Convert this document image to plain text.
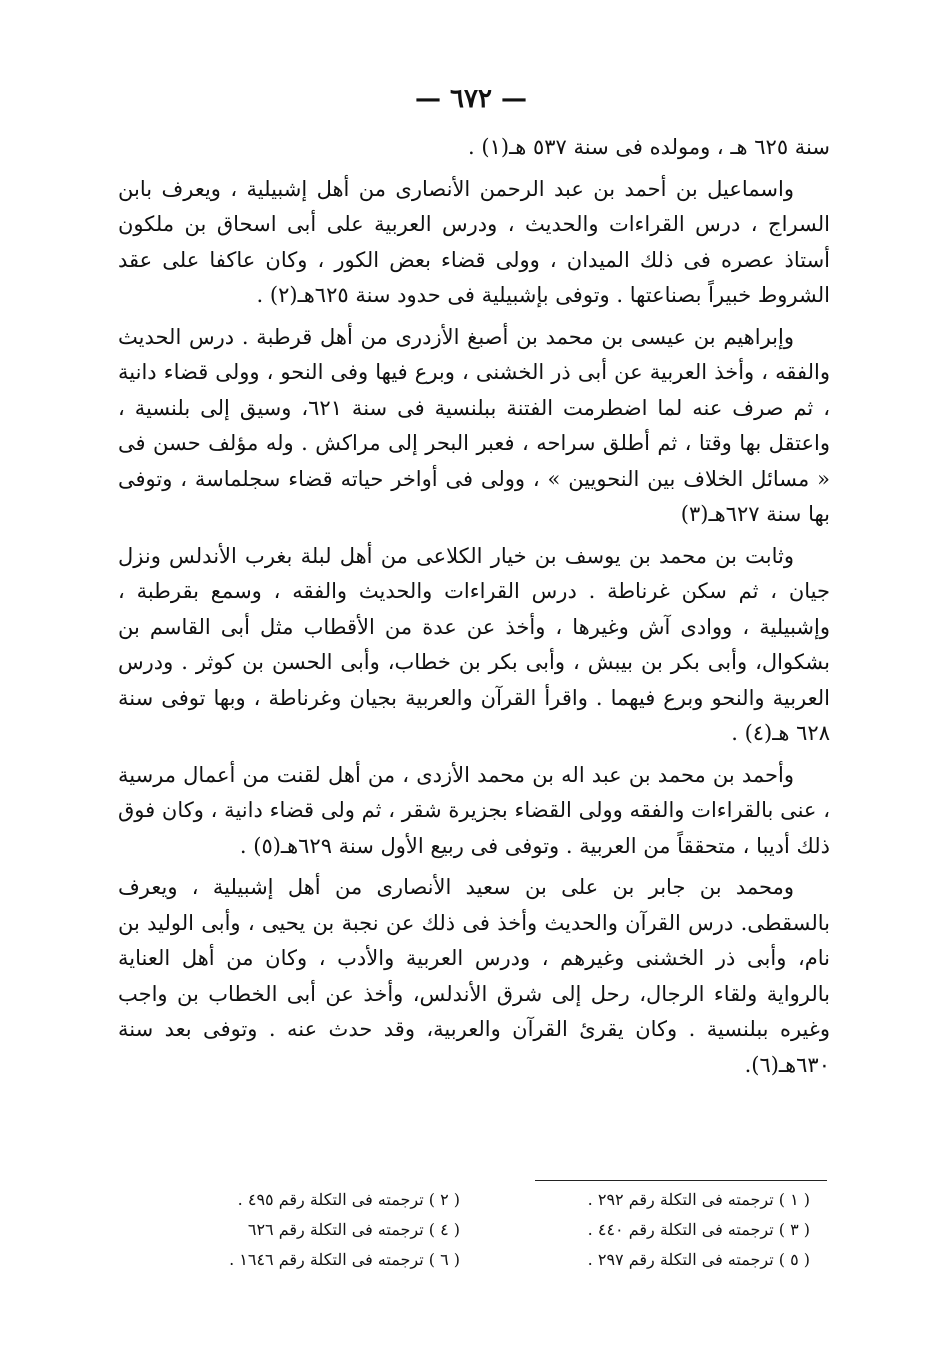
— ٦٧٢ —

سنة ٦٢٥ هـ ، ومولده فى سنة ٥٣٧ هـ(١) .

واسماعيل بن أحمد بن عبد الرحمن الأنصارى من أهل إشبيلية ، ويعرف بابن السراج ، درس القراءات والحديث ، ودرس العربية على أبى اسحاق بن ملكون أستاذ عصره فى ذلك الميدان ، وولى قضاء بعض الكور ، وكان عاكفا على عقد الشروط خبيراً بصناعتها . وتوفى بإشبيلية فى حدود سنة ٦٢٥هـ(٢) .

وإبراهيم بن عيسى بن محمد بن أصبغ الأزدرى من أهل قرطبة . درس الحديث والفقه ، وأخذ العربية عن أبى ذر الخشنى ، وبرع فيها وفى النحو ، وولى قضاء دانية ، ثم صرف عنه لما اضطرمت الفتنة ببلنسية فى سنة ٦٢١، وسيق إلى بلنسية ، واعتقل بها وقتا ، ثم أطلق سراحه ، فعبر البحر إلى مراكش . وله مؤلف حسن فى « مسائل الخلاف بين النحويين » ، وولى فى أواخر حياته قضاء سجلماسة ، وتوفى بها سنة ٦٢٧هـ(٣)

وثابت بن محمد بن يوسف بن خيار الكلاعى من أهل لبلة بغرب الأندلس ونزل جيان ، ثم سكن غرناطة . درس القراءات والحديث والفقه ، وسمع بقرطبة ، وإشبيلية ، ووادى آش وغيرها ، وأخذ عن عدة من الأقطاب مثل أبى القاسم بن بشكوال، وأبى بكر بن بيبش ، وأبى بكر بن خطاب، وأبى الحسن بن كوثر . ودرس العربية والنحو وبرع فيهما . واقرأ القرآن والعربية بجيان وغرناطة ، وبها توفى سنة ٦٢٨ هـ(٤) .

وأحمد بن محمد بن عبد اله بن محمد الأزدى ، من أهل لقنت من أعمال مرسية ، عنى بالقراءات والفقه وولى القضاء بجزيرة شقر ، ثم ولى قضاء دانية ، وكان فوق ذلك أديبا ، متحققاً من العربية . وتوفى فى ربيع الأول سنة ٦٢٩هـ(٥) .

ومحمد بن جابر بن على بن سعيد الأنصارى من أهل إشبيلية ، ويعرف بالسقطى. درس القرآن والحديث وأخذ فى ذلك عن نجبة بن يحيى ، وأبى الوليد بن نام، وأبى ذر الخشنى وغيرهم ، ودرس العربية والأدب ، وكان من أهل العناية بالرواية ولقاء الرجال، رحل إلى شرق الأندلس، وأخذ عن أبى الخطاب بن واجب وغيره ببلنسية . وكان يقرئ القرآن والعربية، وقد حدث عنه . وتوفى بعد سنة ٦٣٠هـ(٦).

( ١ ) ترجمته فى التكلة رقم ٢٩٢ .
( ٢ ) ترجمته فى التكلة رقم ٤٩٥ .
( ٣ ) ترجمته فى التكلة رقم ٤٤٠ .
( ٤ ) ترجمته فى التكلة رقم ٦٢٦
( ٥ ) ترجمته فى التكلة رقم ٢٩٧ .
( ٦ ) ترجمته فى التكلة رقم ١٦٤٦ .
